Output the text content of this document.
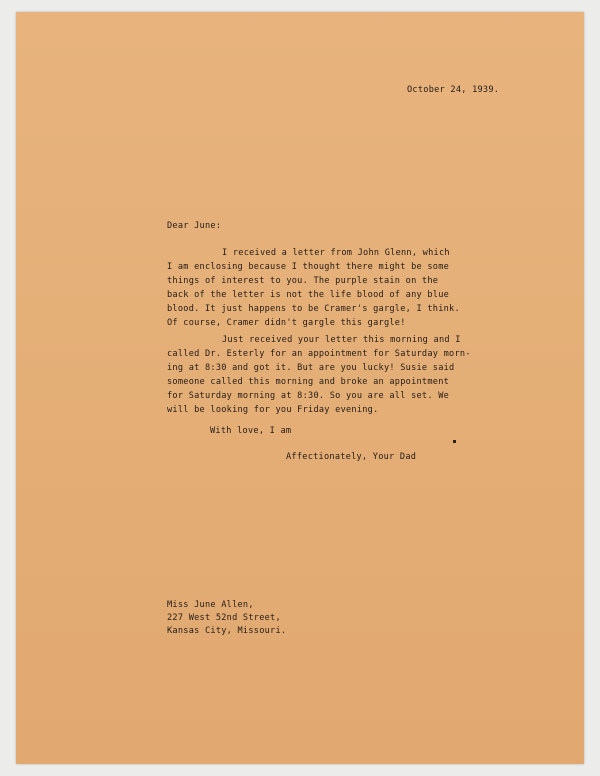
October 24, 1939.
Dear June:
I received a letter from John Glenn, which
I am enclosing because I thought there might be some
things of interest to you. The purple stain on the
back of the letter is not the life blood of any blue
blood. It just happens to be Cramer's gargle, I think.
Of course, Cramer didn't gargle this gargle!
Just received your letter this morning and I
called Dr. Esterly for an appointment for Saturday morn-
ing at 8:30 and got it. But are you lucky! Susie said
someone called this morning and broke an appointment
for Saturday morning at 8:30. So you are all set. We
will be looking for you Friday evening.
With love, I am
Affectionately, Your Dad
Miss June Allen,
227 West 52nd Street,
Kansas City, Missouri.
